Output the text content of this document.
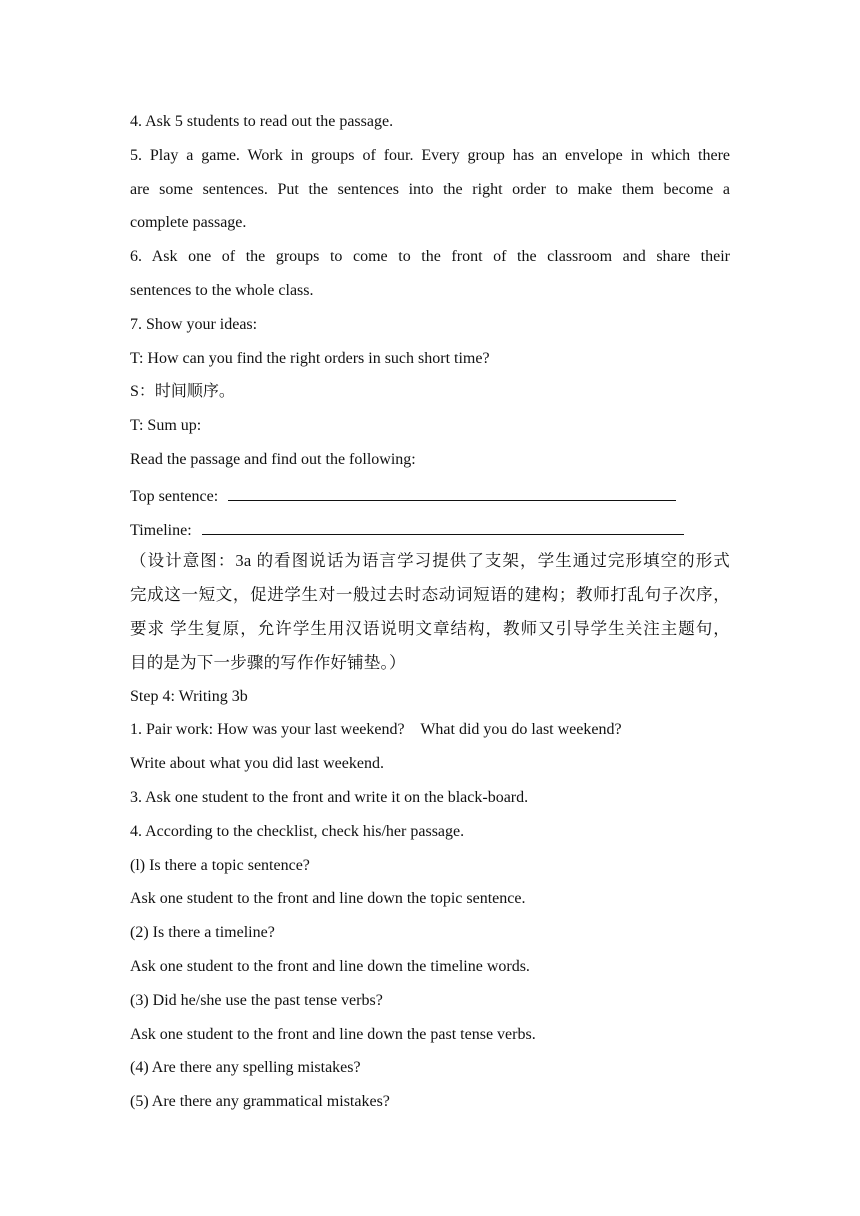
4. Ask 5 students to read out the passage.
5. Play a game. Work in groups of four. Every group has an envelope in which there
are some sentences. Put the sentences into the right order to make them become a
complete passage.
6. Ask one of the groups to come to the front of the classroom and share their
sentences to the whole class.
7. Show your ideas:
T: How can you find the right orders in such short time?
S：时间顺序。
T: Sum up:
Read the passage and find out the following:
Top sentence:
Timeline:
（设计意图：3a 的看图说话为语言学习提供了支架，学生通过完形填空的形式
完成这一短文，促进学生对一般过去时态动词短语的建构；教师打乱句子次序，
要求 学生复原，允许学生用汉语说明文章结构，教师又引导学生关注主题句，
目的是为下一步骤的写作作好铺垫。）
Step 4: Writing 3b
1. Pair work: How was your last weekend?    What did you do last weekend?
Write about what you did last weekend.
3. Ask one student to the front and write it on the black-board.
4. According to the checklist, check his/her passage.
(l) Is there a topic sentence?
Ask one student to the front and line down the topic sentence.
(2) Is there a timeline?
Ask one student to the front and line down the timeline words.
(3) Did he/she use the past tense verbs?
Ask one student to the front and line down the past tense verbs.
(4) Are there any spelling mistakes?
(5) Are there any grammatical mistakes?
